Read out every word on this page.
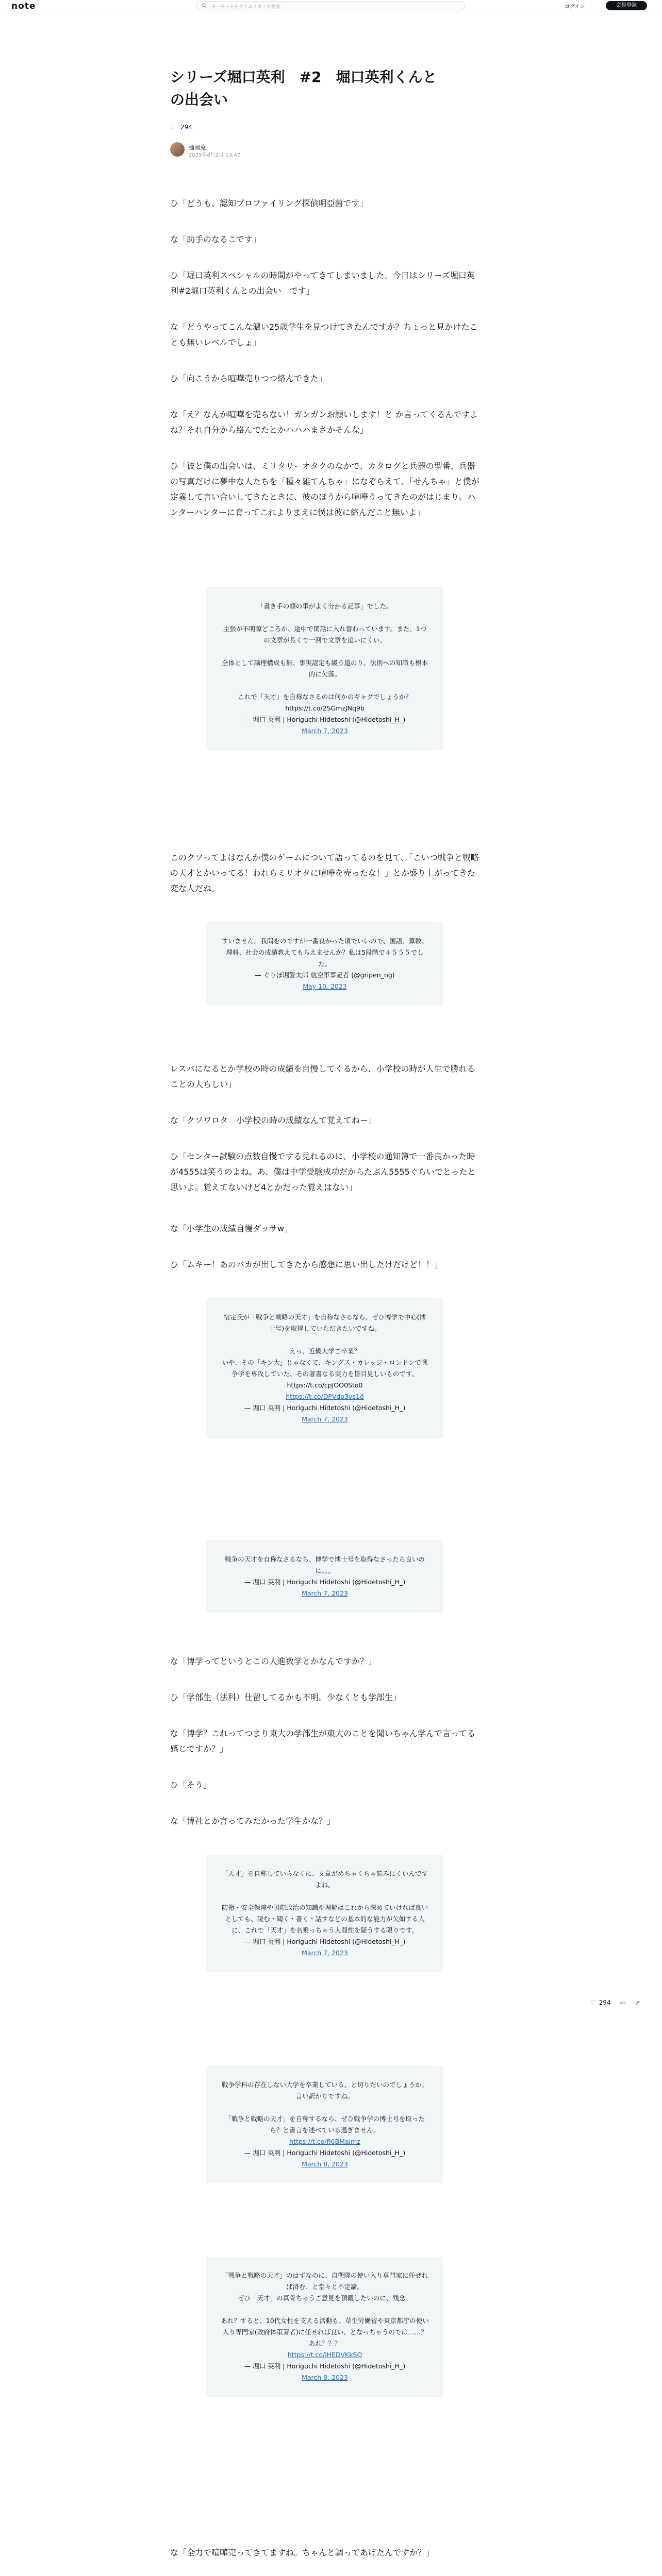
note	キーワードやクリエイターで検索	ログイン	会員登録
シリーズ堀口英利　#2　堀口英利くんと
の出会い
♡ 294
樋園蒐
2023年8月2日 13:47
ひ「どうも、認知プロファイリング探偵明亞菌です」
な「助手のなるこです」
ひ「堀口英利スペシャルの時間がやってきてしまいました。今日はシリーズ堀口英利#2堀口英利くんとの出会い　です」
な「どうやってこんな濃い25歳学生を見つけてきたんですか？ちょっと見かけたことも無いレベルでしょ」
ひ「向こうから喧嘩売りつつ絡んできた」
な「え？なんか喧嘩を売らない！ガンガンお願いします！と か言ってくるんですよね？それ自分から絡んでたとかハハハまさかそんな」
ひ「彼と僕の出会いは、ミリタリーオタクのなかで、カタログと兵器の型番、兵器の写真だけに夢中な人たちを「種々雑てんちゃ」になぞらえて、「せんちゃ」と僕が定義して言い合いしてきたときに、彼のほうから喧嘩うってきたのがはじまり。ハンターハンターに育ってこれよりまえに僕は彼に絡んだこと無いよ」
「書き手の顔の事がよく分かる記事」でした。
主張が不明瞭どころか、途中で閑話に入れ替わっています。また、1つの文章が長くで一回で文章を追いにくい。
全体として論理構成も無、事実認定も緩う道のり、法則への知識も根本的に欠落。
これで「天才」を自称なさるのは何かのギャグでしょうか？ https://t.co/2SGmzJNq9b
— 堀口 英利 | Horiguchi Hidetoshi (@Hidetoshi_H_)
March 7, 2023
このクソってよはなんか僕のゲームについて語ってるのを見て、「こいつ戦争と戦略の天才とかいってる！われらミリオタに喧嘩を売ったな！」とか盛り上がってきた変な人だね。
すいません。我問をのですが一番良かった頃でいいので、国語、算数、理科、社会の成績教えてもらえませんか？私は5段階で４５５５でした。
— ぐりぽ堀警太郎 航空軍事記者 (@gripen_ng)
May 10, 2023
レスバになるとか学校の時の成績を自慢してくるから、小学校の時が人生で勝れることの人らしい」
な「クソワロタ　小学校の時の成績なんて覚えてねー」
ひ「センター試験の点数自慢でする見れるのに、小学校の通知簿で一番良かった時が4555は笑うのよね。あ、僕は中学受験成功だからたぶん5555ぐらいでとったと思いよ。覚えてないけど4とかだった覚えはない」
な「小学生の成績自慢ダッサw」
ひ「ムキー！あのバカが出してきたから感想に思い出したけだけど！！」
宿定氏が「戦争と戦略の天才」を自称なさるなら、ぜひ博学で中心(博士号)を取得していただきたいですね。
えっ、近畿大学ご卒業？
いや、その「キン大」じゃなくて、キングス・カレッジ・ロンドンで戦争学を専攻していた、その著書なる実力を皆目見しいものです。 https://t.co/cpJOO0Sto0
https://t.co/DPVdo3vs1d
— 堀口 英利 | Horiguchi Hidetoshi (@Hidetoshi_H_)
March 7, 2023
戦争の天才を自称なさるなら、博学で博士号を取得なさったら良いのに。。。
— 堀口 英利 | Horiguchi Hidetoshi (@Hidetoshi_H_)
March 7, 2023
な「博学ってというとこの人進数学とかなんですか？」
ひ「学部生（法科）仕留してるかも不明。少なくとも学部生」
な「博学？これってつまり東大の学部生が東大のことを聞いちゃん学んで言ってる感じですか？」
ひ「そう」
な「博社とか言ってみたかった学生かな？」
「天才」を自称していらなくに、文章がめちゃくちゃ読みにくいんですよね。
防衛・安全保障や国際政治の知識や理解はこれから深めていければ良いとしても、読む・聞く・書く・話すなどの基本的な能力が欠如する人に、これで「天才」を名乗っちゃう人間性を疑うする限りです。
— 堀口 英利 | Horiguchi Hidetoshi (@Hidetoshi_H_)
March 7, 2023
戦争学科の存在しない大学を卒業している、と切りだいのでしょうか。言い訳かりですね。
「戦争と戦略の天才」を自称するなら、ぜひ戦争学の博士号を取ったら？と書言を述べている過ぎません。
https://t.co/fI6BMaimz
— 堀口 英利 | Horiguchi Hidetoshi (@Hidetoshi_H_)
March 8, 2023
「戦争と戦略の天才」のはずなのに、自衛隊の使い入り専門家に任ぜれば済む、と堂々と不定論。
ぜひ「天才」の真骨ちゅうご意見を頂戴したいのに、残念。
あれ？すると、10代女性を支える活動も、草生労働省や東京都庁の使い入り専門家(政府体策著者)に任せれば良い、となっちゃうのでは……？あれ？？？
https://t.co/lHEDVKkSO
— 堀口 英利 | Horiguchi Hidetoshi (@Hidetoshi_H_)
March 8, 2023
な「全力で喧嘩売ってきてますね。ちゃんと調ってあげたんですか？」
♡ 294 ▭ ⇗
